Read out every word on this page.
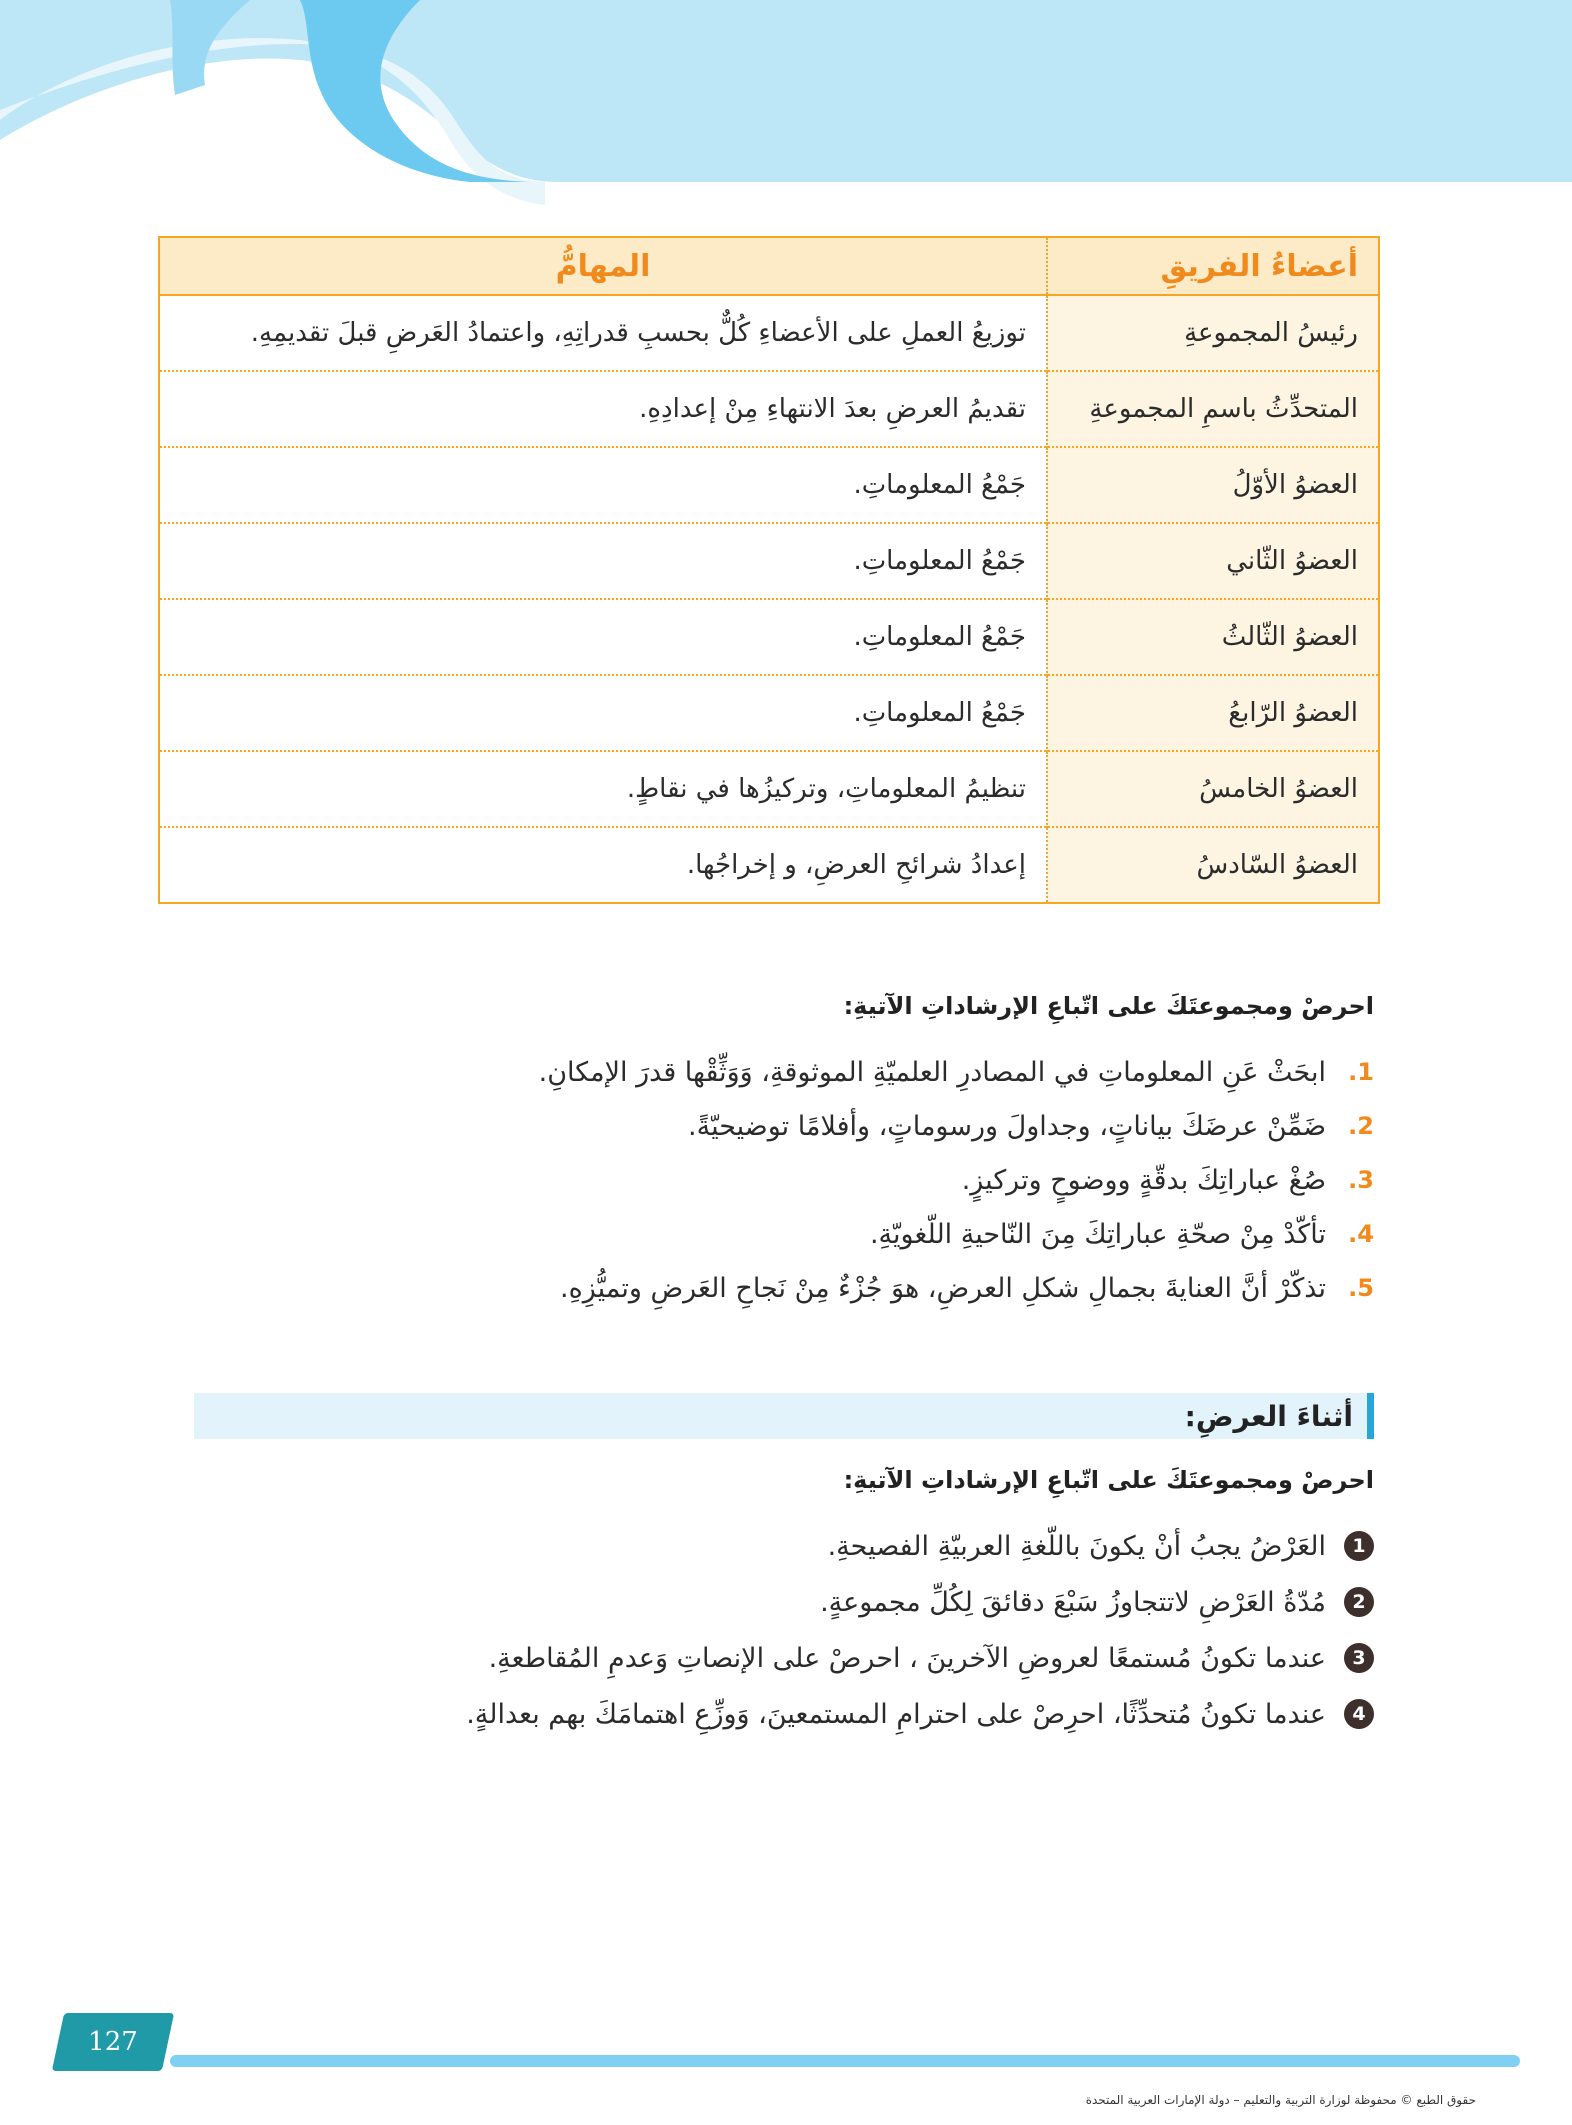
أعضاءُ الفريقِ	المهامُّ
رئيسُ المجموعةِ	توزيعُ العملِ على الأعضاءِ كُلٌّ بحسبِ قدراتِهِ، واعتمادُ العَرضِ قبلَ تقديمِهِ.
المتحدِّثُ باسمِ المجموعةِ	تقديمُ العرضِ بعدَ الانتهاءِ مِنْ إعدادِهِ.
العضوُ الأوّلُ	جَمْعُ المعلوماتِ.
العضوُ الثّاني	جَمْعُ المعلوماتِ.
العضوُ الثّالثُ	جَمْعُ المعلوماتِ.
العضوُ الرّابعُ	جَمْعُ المعلوماتِ.
العضوُ الخامسُ	تنظيمُ المعلوماتِ، وتركيزُها في نقاطٍ.
العضوُ السّادسُ	إعدادُ شرائحِ العرضِ، و إخراجُها.
احرصْ ومجموعتَكَ على اتّباعِ الإرشاداتِ الآتيةِ:
1.
ابحَثْ عَنِ المعلوماتِ في المصادرِ العلميّةِ الموثوقةِ، وَوَثِّقْها قدرَ الإمكانِ.
2.
ضَمِّنْ عرضَكَ بياناتٍ، وجداولَ ورسوماتٍ، وأفلامًا توضيحيّةً.
3.
صُغْ عباراتِكَ بدقّةٍ ووضوحٍ وتركيزٍ.
4.
تأكّدْ مِنْ صحّةِ عباراتِكَ مِنَ النّاحيةِ اللّغويّةِ.
5.
تذكّرْ أنَّ العنايةَ بجمالِ شكلِ العرضِ، هوَ جُزْءٌ مِنْ نَجاحِ العَرضِ وتميُّزِهِ.
أثناءَ العرضِ:
احرصْ ومجموعتَكَ على اتّباعِ الإرشاداتِ الآتيةِ:
1
العَرْضُ يجبُ أنْ يكونَ باللّغةِ العربيّةِ الفصيحةِ.
2
مُدّةُ العَرْضِ لاتتجاوزُ سَبْعَ دقائقَ لِكُلِّ مجموعةٍ.
3
عندما تكونُ مُستمعًا لعروضِ الآخرينَ ، احرصْ على الإنصاتِ وَعدمِ المُقاطعةِ.
4
عندما تكونُ مُتحدِّثًا، احرِصْ على احترامِ المستمعينَ، وَوزِّعِ اهتمامَكَ بهم بعدالةٍ.
127
حقوق الطبع © محفوظة لوزارة التربية والتعليم – دولة الإمارات العربية المتحدة
